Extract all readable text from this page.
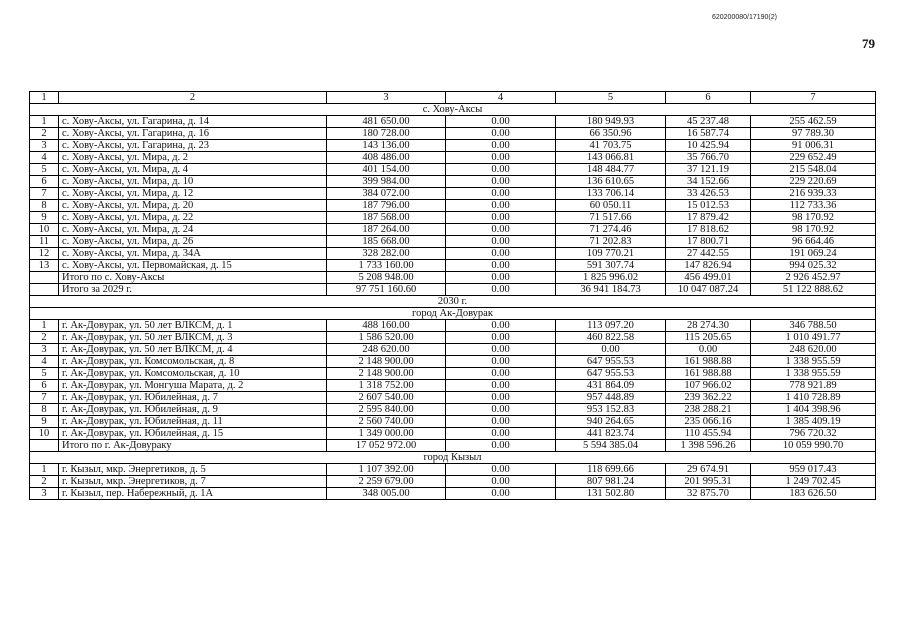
620200080/17190(2)
79
1	2	3	4	5	6	7
с. Хову-Аксы						
1	с. Хову-Аксы, ул. Гагарина, д. 14	481 650.00	0.00	180 949.93	45 237.48	255 462.59
2	с. Хову-Аксы, ул. Гагарина, д. 16	180 728.00	0.00	66 350.96	16 587.74	97 789.30
3	с. Хову-Аксы, ул. Гагарина, д. 23	143 136.00	0.00	41 703.75	10 425.94	91 006.31
4	с. Хову-Аксы, ул. Мира, д. 2	408 486.00	0.00	143 066.81	35 766.70	229 652.49
5	с. Хову-Аксы, ул. Мира, д. 4	401 154.00	0.00	148 484.77	37 121.19	215 548.04
6	с. Хову-Аксы, ул. Мира, д. 10	399 984.00	0.00	136 610.65	34 152.66	229 220.69
7	с. Хову-Аксы, ул. Мира, д. 12	384 072.00	0.00	133 706.14	33 426.53	216 939.33
8	с. Хову-Аксы, ул. Мира, д. 20	187 796.00	0.00	60 050.11	15 012.53	112 733.36
9	с. Хову-Аксы, ул. Мира, д. 22	187 568.00	0.00	71 517.66	17 879.42	98 170.92
10	с. Хову-Аксы, ул. Мира, д. 24	187 264.00	0.00	71 274.46	17 818.62	98 170.92
11	с. Хову-Аксы, ул. Мира, д. 26	185 668.00	0.00	71 202.83	17 800.71	96 664.46
12	с. Хову-Аксы, ул. Мира, д. 34А	328 282.00	0.00	109 770.21	27 442.55	191 069.24
13	с. Хову-Аксы, ул. Первомайская, д. 15	1 733 160.00	0.00	591 307.74	147 826.94	994 025.32
	Итого по с. Хову-Аксы	5 208 948.00	0.00	1 825 996.02	456 499.01	2 926 452.97
	Итого за 2029 г.	97 751 160.60	0.00	36 941 184.73	10 047 087.24	51 122 888.62
2030 г.						
город Ак-Довурак						
1	г. Ак-Довурак, ул. 50 лет ВЛКСМ, д. 1	488 160.00	0.00	113 097.20	28 274.30	346 788.50
2	г. Ак-Довурак, ул. 50 лет ВЛКСМ, д. 3	1 586 520.00	0.00	460 822.58	115 205.65	1 010 491.77
3	г. Ак-Довурак, ул. 50 лет ВЛКСМ, д. 4	248 620.00	0.00	0.00	0.00	248 620.00
4	г. Ак-Довурак, ул. Комсомольская, д. 8	2 148 900.00	0.00	647 955.53	161 988.88	1 338 955.59
5	г. Ак-Довурак, ул. Комсомольская, д. 10	2 148 900.00	0.00	647 955.53	161 988.88	1 338 955.59
6	г. Ак-Довурак, ул. Монгуша Марата, д. 2	1 318 752.00	0.00	431 864.09	107 966.02	778 921.89
7	г. Ак-Довурак, ул. Юбилейная, д. 7	2 607 540.00	0.00	957 448.89	239 362.22	1 410 728.89
8	г. Ак-Довурак, ул. Юбилейная, д. 9	2 595 840.00	0.00	953 152.83	238 288.21	1 404 398.96
9	г. Ак-Довурак, ул. Юбилейная, д. 11	2 560 740.00	0.00	940 264.65	235 066.16	1 385 409.19
10	г. Ак-Довурак, ул. Юбилейная, д. 15	1 349 000.00	0.00	441 823.74	110 455.94	796 720.32
	Итого по г. Ак-Довураку	17 052 972.00	0.00	5 594 385.04	1 398 596.26	10 059 990.70
город Кызыл						
1	г. Кызыл, мкр. Энергетиков, д. 5	1 107 392.00	0.00	118 699.66	29 674.91	959 017.43
2	г. Кызыл, мкр. Энергетиков, д. 7	2 259 679.00	0.00	807 981.24	201 995.31	1 249 702.45
3	г. Кызыл, пер. Набережный, д. 1А	348 005.00	0.00	131 502.80	32 875.70	183 626.50
